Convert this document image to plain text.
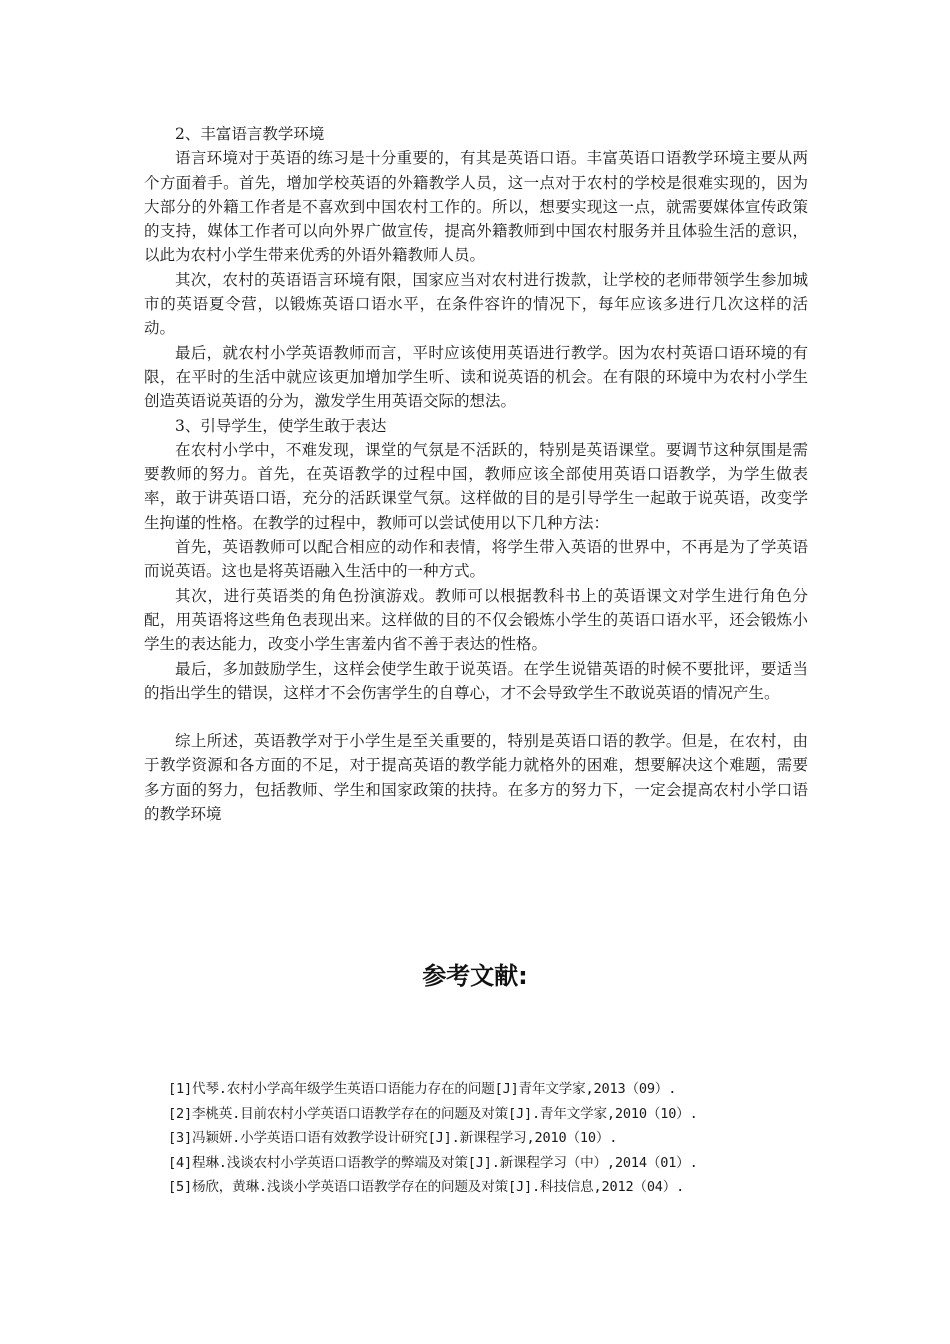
2、丰富语言教学环境

语言环境对于英语的练习是十分重要的，有其是英语口语。丰富英语口语教学环境主要从两个方面着手。首先，增加学校英语的外籍教学人员，这一点对于农村的学校是很难实现的，因为大部分的外籍工作者是不喜欢到中国农村工作的。所以，想要实现这一点，就需要媒体宣传政策的支持，媒体工作者可以向外界广做宣传，提高外籍教师到中国农村服务并且体验生活的意识，以此为农村小学生带来优秀的外语外籍教师人员。

其次，农村的英语语言环境有限，国家应当对农村进行拨款，让学校的老师带领学生参加城市的英语夏令营，以锻炼英语口语水平，在条件容许的情况下，每年应该多进行几次这样的活动。

最后，就农村小学英语教师而言，平时应该使用英语进行教学。因为农村英语口语环境的有限，在平时的生活中就应该更加增加学生听、读和说英语的机会。在有限的环境中为农村小学生创造英语说英语的分为，激发学生用英语交际的想法。

3、引导学生，使学生敢于表达

在农村小学中，不难发现，课堂的气氛是不活跃的，特别是英语课堂。要调节这种氛围是需要教师的努力。首先，在英语教学的过程中国，教师应该全部使用英语口语教学，为学生做表率，敢于讲英语口语，充分的活跃课堂气氛。这样做的目的是引导学生一起敢于说英语，改变学生拘谨的性格。在教学的过程中，教师可以尝试使用以下几种方法：

首先，英语教师可以配合相应的动作和表情，将学生带入英语的世界中，不再是为了学英语而说英语。这也是将英语融入生活中的一种方式。

其次，进行英语类的角色扮演游戏。教师可以根据教科书上的英语课文对学生进行角色分配，用英语将这些角色表现出来。这样做的目的不仅会锻炼小学生的英语口语水平，还会锻炼小学生的表达能力，改变小学生害羞内省不善于表达的性格。

最后，多加鼓励学生，这样会使学生敢于说英语。在学生说错英语的时候不要批评，要适当的指出学生的错误，这样才不会伤害学生的自尊心，才不会导致学生不敢说英语的情况产生。

综上所述，英语教学对于小学生是至关重要的，特别是英语口语的教学。但是，在农村，由于教学资源和各方面的不足，对于提高英语的教学能力就格外的困难，想要解决这个难题，需要多方面的努力，包括教师、学生和国家政策的扶持。在多方的努力下，一定会提高农村小学口语的教学环境

参考文献:
[1]代琴.农村小学高年级学生英语口语能力存在的问题[J]青年文学家,2013（09）.
[2]李桃英.目前农村小学英语口语教学存在的问题及对策[J].青年文学家,2010（10）.
[3]冯颖妍.小学英语口语有效教学设计研究[J].新课程学习,2010（10）.
[4]程琳.浅谈农村小学英语口语教学的弊端及对策[J].新课程学习（中）,2014（01）.
[5]杨欣，黄琳.浅谈小学英语口语教学存在的问题及对策[J].科技信息,2012（04）.
